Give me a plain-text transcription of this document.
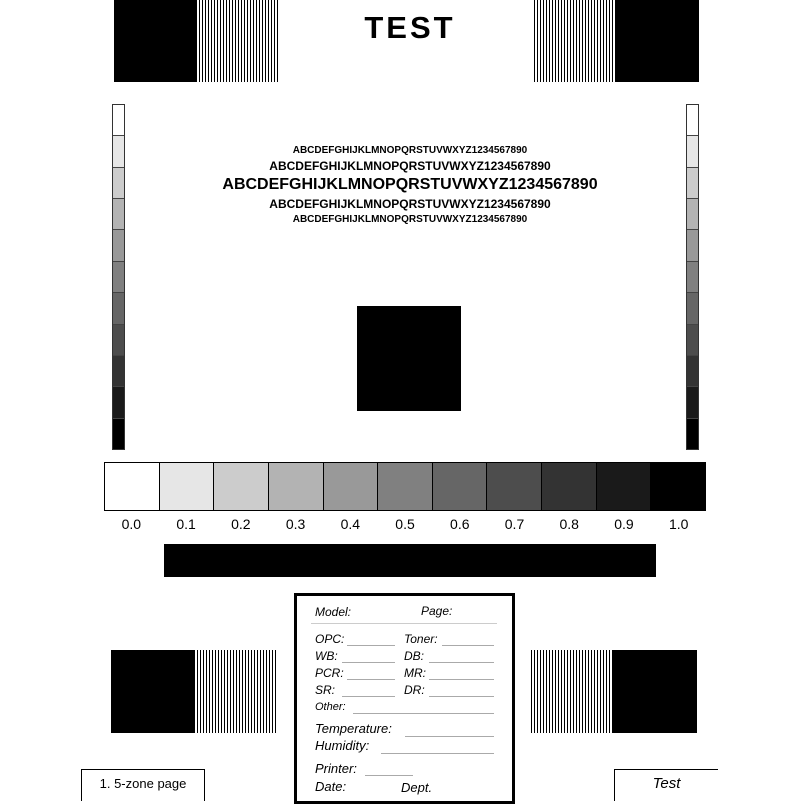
TEST
ABCDEFGHIJKLMNOPQRSTUVWXYZ1234567890
ABCDEFGHIJKLMNOPQRSTUVWXYZ1234567890
ABCDEFGHIJKLMNOPQRSTUVWXYZ1234567890
ABCDEFGHIJKLMNOPQRSTUVWXYZ1234567890
ABCDEFGHIJKLMNOPQRSTUVWXYZ1234567890
0.0	0.1	0.2	0.3	0.4	0.5	0.6	0.7	0.8	0.9	1.0
Model:	Page:
OPC:	Toner:
WB:	DB:
PCR:	MR:
SR:	DR:
Other:
Temperature:
Humidity:
Printer:
Date:	Dept.
1. 5-zone page	Test
